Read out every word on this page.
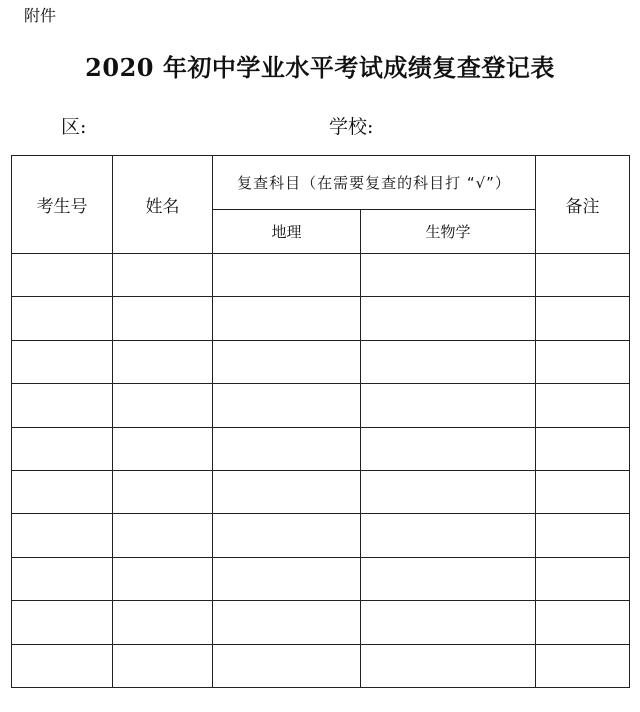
附件
2020 年初中学业水平考试成绩复查登记表
区:	学校:
考生号	姓名	复查科目（在需要复查的科目打 “√”）		备注
		地理	生物学	
